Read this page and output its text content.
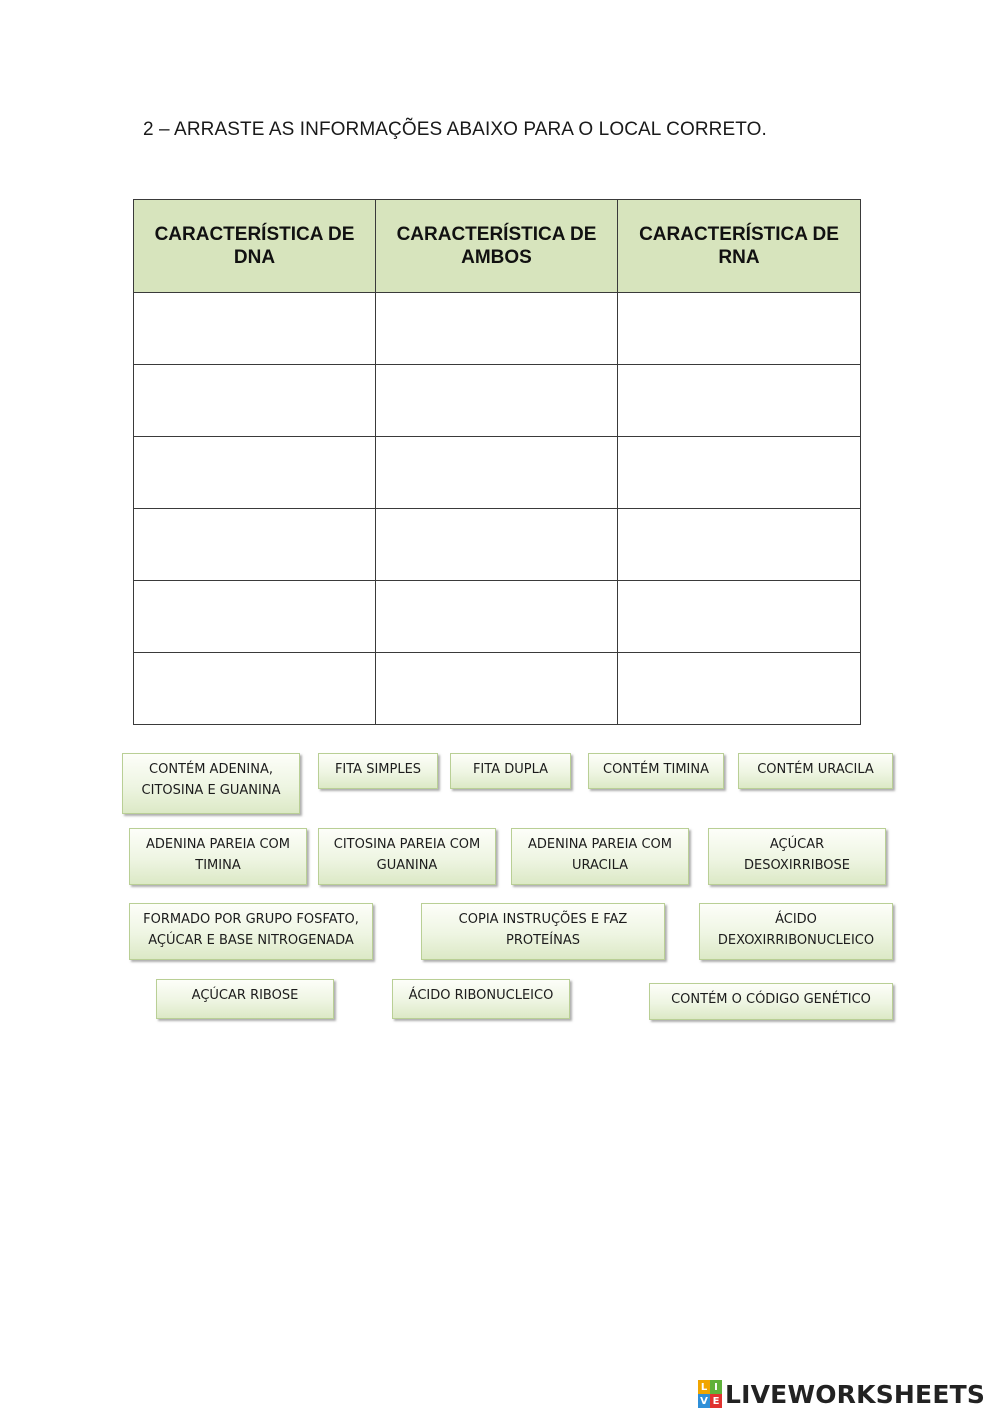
2 – ARRASTE AS INFORMAÇÕES ABAIXO PARA O LOCAL CORRETO.
CARACTERÍSTICA DE DNA	CARACTERÍSTICA DE AMBOS	CARACTERÍSTICA DE RNA

CONTÉM ADENINA, CITOSINA E GUANINA
FITA SIMPLES	FITA DUPLA	CONTÉM TIMINA	CONTÉM URACILA
ADENINA PAREIA COM TIMINA
CITOSINA PAREIA COM GUANINA
ADENINA PAREIA COM URACILA
AÇÚCAR DESOXIRRIBOSE
FORMADO POR GRUPO FOSFATO, AÇÚCAR E BASE NITROGENADA
COPIA INSTRUÇÕES E FAZ PROTEÍNAS
ÁCIDO DEXOXIRRIBONUCLEICO
AÇÚCAR RIBOSE	ÁCIDO RIBONUCLEICO	CONTÉM O CÓDIGO GENÉTICO
L I
V E LIVEWORKSHEETS
